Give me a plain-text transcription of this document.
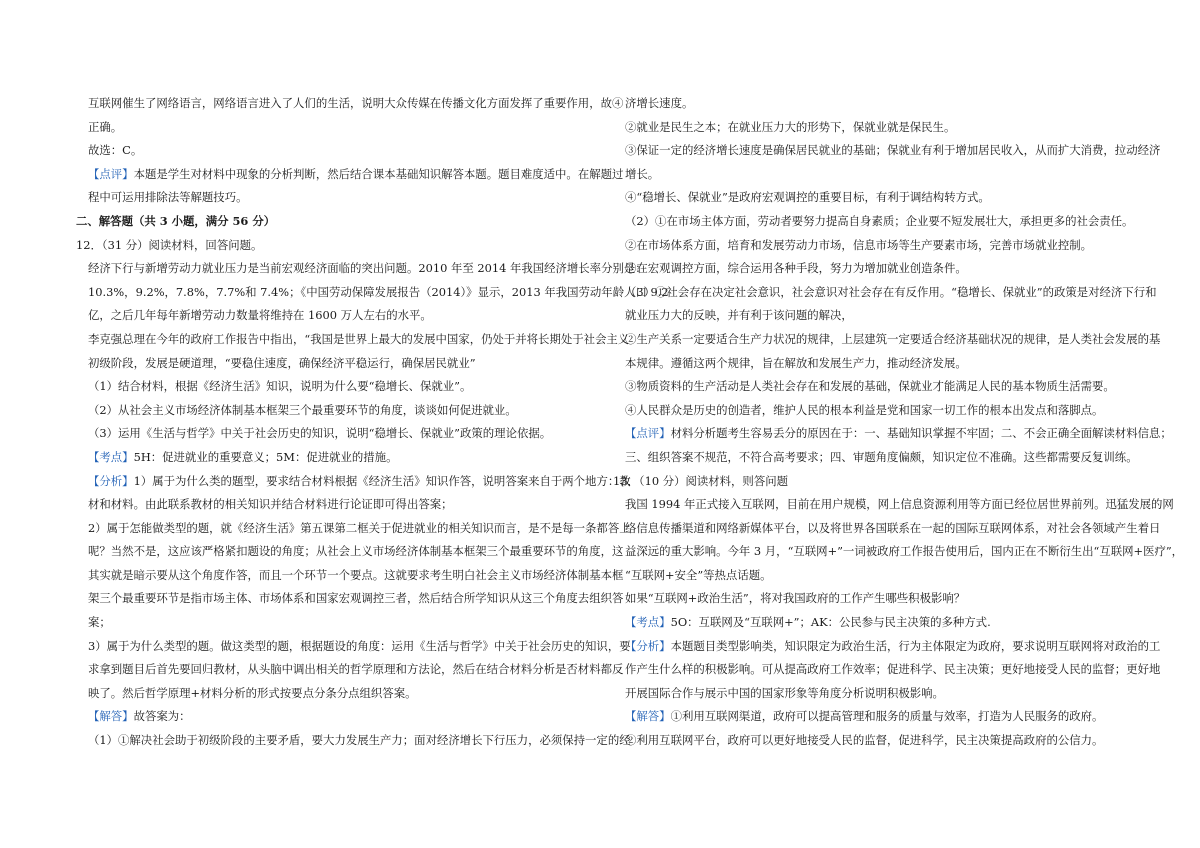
互联网催生了网络语言，网络语言进入了人们的生活，说明大众传媒在传播文化方面发挥了重要作用，故④

正确。

故选：C。

【点评】本题是学生对材料中现象的分析判断，然后结合课本基础知识解答本题。题目难度适中。在解题过

程中可运用排除法等解题技巧。

二、解答题（共 3 小题，满分 56 分）

12．（31 分）阅读材料，回答问题。

经济下行与新增劳动力就业压力是当前宏观经济面临的突出问题。2010 年至 2014 年我国经济增长率分别是：

10.3%，9.2%，7.8%，7.7%和 7.4%；《中国劳动保障发展报告（2014）》显示，2013 年我国劳动年龄人口 9.2

亿，之后几年每年新增劳动力数量将维持在 1600 万人左右的水平。

李克强总理在今年的政府工作报告中指出，“我国是世界上最大的发展中国家，仍处于并将长期处于社会主义

初级阶段，发展是硬道理，“要稳住速度，确保经济平稳运行，确保居民就业”

（1）结合材料，根据《经济生活》知识，说明为什么要“稳增长、保就业”。

（2）从社会主义市场经济体制基本框架三个最重要环节的角度，谈谈如何促进就业。

（3）运用《生活与哲学》中关于社会历史的知识，说明“稳增长、保就业”政策的理论依据。

【考点】5H：促进就业的重要意义；5M：促进就业的措施。

【分析】1）属于为什么类的题型，要求结合材料根据《经济生活》知识作答，说明答案来自于两个地方：教

材和材料。由此联系教材的相关知识并结合材料进行论证即可得出答案；

2）属于怎能做类型的题，就《经济生活》第五课第二框关于促进就业的相关知识而言，是不是每一条都答上

呢？当然不是，这应该严格紧扣题设的角度；从社会上义市场经济体制基本框架三个最重要环节的角度，这

其实就是暗示要从这个角度作答，而且一个环节一个要点。这就要求考生明白社会主义市场经济体制基本框

架三个最重要环节是指市场主体、市场体系和国家宏观调控三者，然后结合所学知识从这三个角度去组织答

案；

3）属于为什么类型的题。做这类型的题，根据题设的角度：运用《生活与哲学》中关于社会历史的知识，要

求拿到题目后首先要回归教材，从头脑中调出相关的哲学原理和方法论，然后在结合材料分析是否材料都反

映了。然后哲学原理+材料分析的形式按要点分条分点组织答案。

【解答】故答案为：

（1）①解决社会助于初级阶段的主要矛盾，要大力发展生产力；面对经济增长下行压力，必须保持一定的经

济增长速度。

②就业是民生之本；在就业压力大的形势下，保就业就是保民生。

③保证一定的经济增长速度是确保居民就业的基础；保就业有利于增加居民收入，从而扩大消费，拉动经济

增长。

④“稳增长、保就业”是政府宏观调控的重要目标，有利于调结构转方式。

（2）①在市场主体方面，劳动者要努力提高自身素质；企业要不短发展壮大，承担更多的社会责任。

②在市场体系方面，培育和发展劳动力市场，信息市场等生产要素市场，完善市场就业控制。

③在宏观调控方面，综合运用各种手段，努力为增加就业创造条件。

（3）①社会存在决定社会意识，社会意识对社会存在有反作用。“稳增长、保就业”的政策是对经济下行和

就业压力大的反映，并有利于该问题的解决，

②生产关系一定要适合生产力状况的规律，上层建筑一定要适合经济基础状况的规律，是人类社会发展的基

本规律。遵循这两个规律，旨在解放和发展生产力，推动经济发展。

③物质资料的生产活动是人类社会存在和发展的基础，保就业才能满足人民的基本物质生活需要。

④人民群众是历史的创造者，维护人民的根本利益是党和国家一切工作的根本出发点和落脚点。

【点评】材料分析题考生容易丢分的原因在于：一、基础知识掌握不牢固；二、不会正确全面解读材料信息；

三、组织答案不规范，不符合高考要求；四、审题角度偏颇，知识定位不准确。这些都需要反复训练。

13．（10 分）阅读材料，则答问题

我国 1994 年正式接入互联网，目前在用户规模，网上信息资源利用等方面已经位居世界前列。迅猛发展的网

络信息传播渠道和网络新媒体平台，以及将世界各国联系在一起的国际互联网体系，对社会各领域产生着日

益深远的重大影响。今年 3 月，“互联网+”一词被政府工作报告使用后，国内正在不断衍生出“互联网+医疗”，

“互联网+安全”等热点话题。

如果“互联网+政治生活”，将对我国政府的工作产生哪些积极影响？

【考点】5O：互联网及“互联网+”；AK：公民参与民主决策的多种方式.

【分析】本题题目类型影响类，知识限定为政治生活，行为主体限定为政府，要求说明互联网将对政治的工

作产生什么样的积极影响。可从提高政府工作效率；促进科学、民主决策；更好地接受人民的监督；更好地

开展国际合作与展示中国的国家形象等角度分析说明积极影响。

【解答】①利用互联网渠道，政府可以提高管理和服务的质量与效率，打造为人民服务的政府。

②利用互联网平台，政府可以更好地接受人民的监督，促进科学，民主决策提高政府的公信力。
